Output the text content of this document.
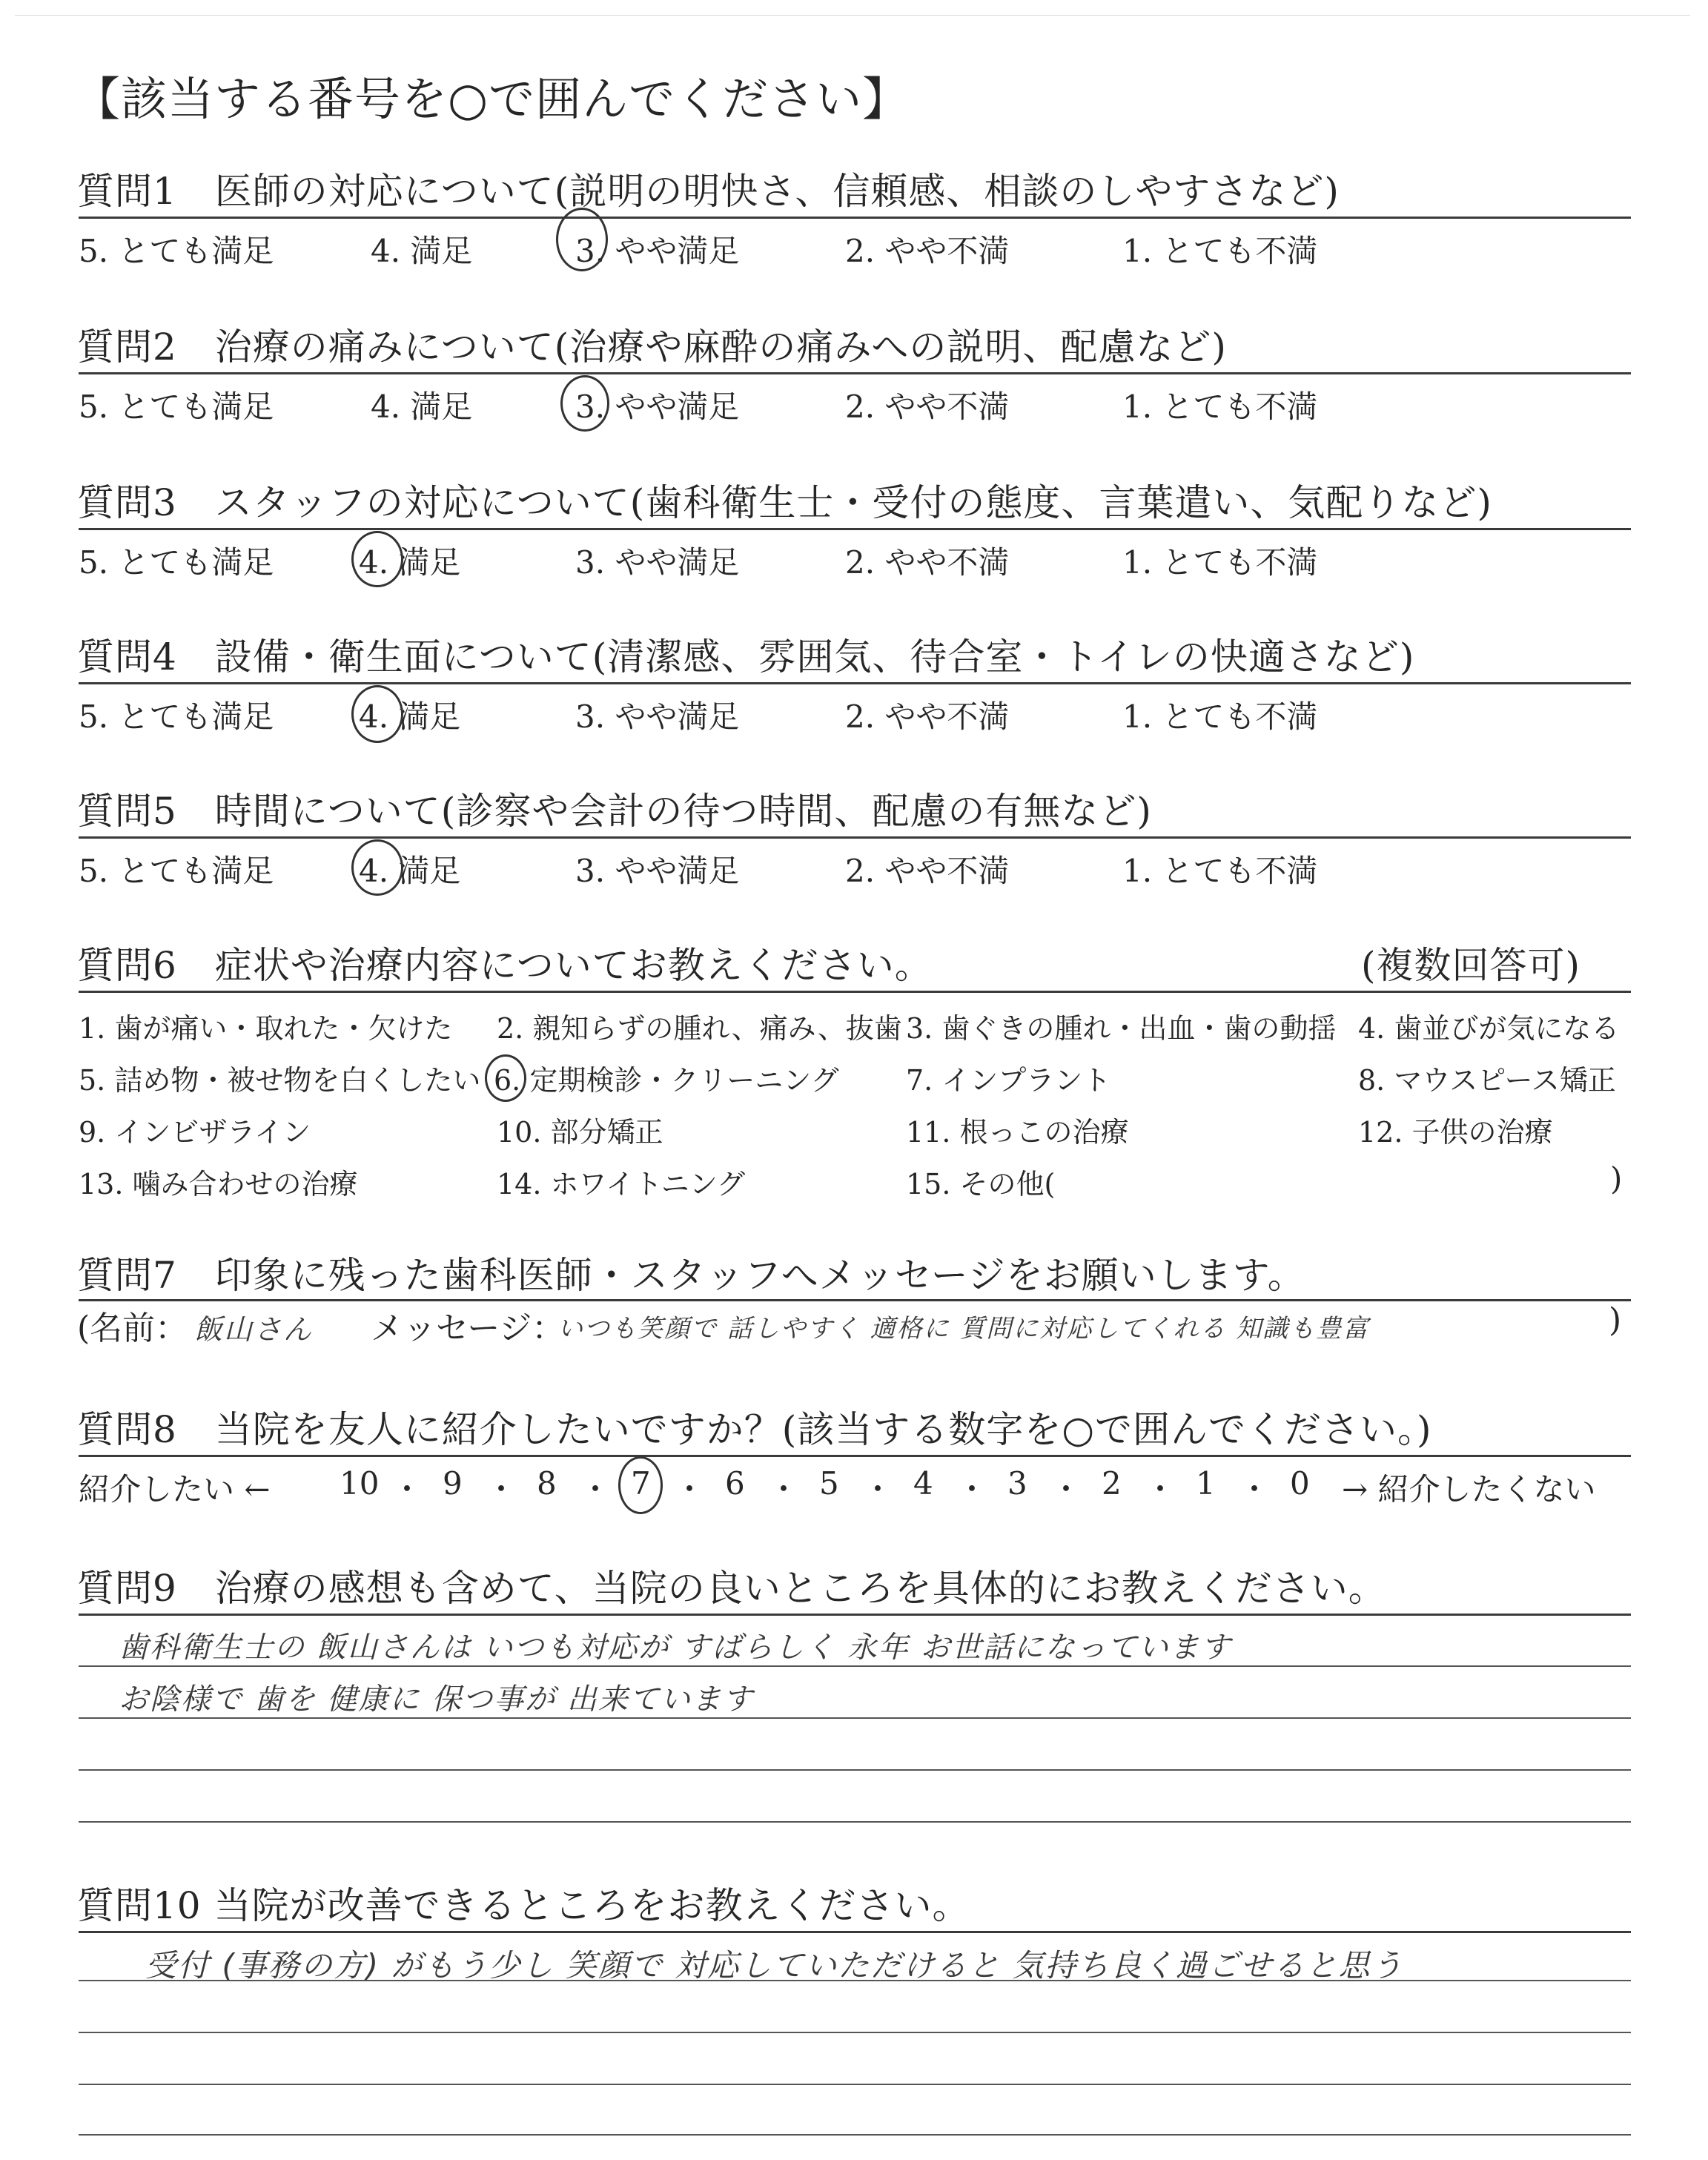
【該当する番号を○で囲んでください】
質問1　医師の対応について(説明の明快さ、信頼感、相談のしやすさなど)
5. とても満足	4. 満足	3. やや満足	2. やや不満	1. とても不満
質問2　治療の痛みについて(治療や麻酔の痛みへの説明、配慮など)
5. とても満足	4. 満足	3. やや満足	2. やや不満	1. とても不満
質問3　スタッフの対応について(歯科衛生士・受付の態度、言葉遣い、気配りなど)
5. とても満足	4. 満足	3. やや満足	2. やや不満	1. とても不満
質問4　設備・衛生面について(清潔感、雰囲気、待合室・トイレの快適さなど)
5. とても満足	4. 満足	3. やや満足	2. やや不満	1. とても不満
質問5　時間について(診察や会計の待つ時間、配慮の有無など)
5. とても満足	4. 満足	3. やや満足	2. やや不満	1. とても不満
質問6　症状や治療内容についてお教えください。	(複数回答可)
1. 歯が痛い・取れた・欠けた 2. 親知らずの腫れ、痛み、抜歯 3. 歯ぐきの腫れ・出血・歯の動揺 4. 歯並びが気になる
5. 詰め物・被せ物を白くしたい 6. 定期検診・クリーニング 7. インプラント	8. マウスピース矯正
9. インビザライン	10. 部分矯正	11. 根っこの治療	12. 子供の治療
13. 噛み合わせの治療	14. ホワイトニング	15. その他(	)
質問7　印象に残った歯科医師・スタッフへメッセージをお願いします。
(名前： 飯山さん メッセージ：
いつも笑顔で 話しやすく 適格に 質問に対応してくれる 知識も豊富	)
質問8　当院を友人に紹介したいですか？(該当する数字を○で囲んでください。)
紹介したい ←	→ 紹介したくない
10 ・ 9 ・ 8 ・ 7 ・ 6 ・ 5 ・ 4 ・ 3 ・ 2 ・ 1 ・ 0
質問9　治療の感想も含めて、当院の良いところを具体的にお教えください。
歯科衛生士の 飯山さんは いつも対応が すばらしく 永年 お世話になっています
お陰様で 歯を 健康に 保つ事が 出来ています
質問10 当院が改善できるところをお教えください。
受付 (事務の方) がもう少し 笑顔で 対応していただけると 気持ち良く過ごせると思う
